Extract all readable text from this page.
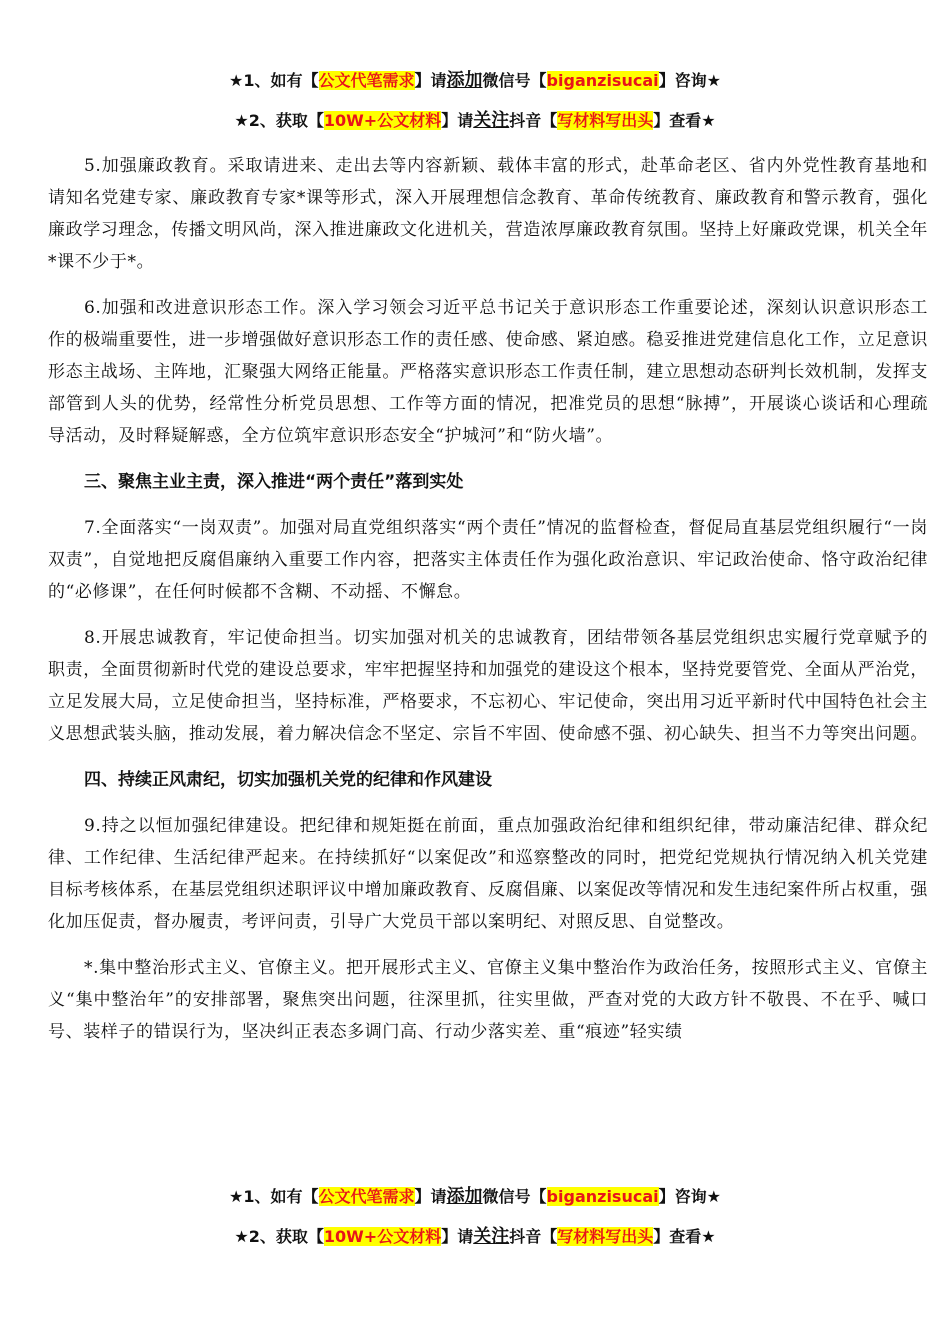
★1、如有【公文代笔需求】请添加微信号【biganzisucai】咨询★
★2、获取【10W+公文材料】请关注抖音【写材料写出头】查看★

5.加强廉政教育。采取请进来、走出去等内容新颖、载体丰富的形式，赴革命老区、省内外党性教育基地和请知名党建专家、廉政教育专家*课等形式，深入开展理想信念教育、革命传统教育、廉政教育和警示教育，强化廉政学习理念，传播文明风尚，深入推进廉政文化进机关，营造浓厚廉政教育氛围。坚持上好廉政党课，机关全年*课不少于*。

6.加强和改进意识形态工作。深入学习领会习近平总书记关于意识形态工作重要论述，深刻认识意识形态工作的极端重要性，进一步增强做好意识形态工作的责任感、使命感、紧迫感。稳妥推进党建信息化工作，立足意识形态主战场、主阵地，汇聚强大网络正能量。严格落实意识形态工作责任制，建立思想动态研判长效机制，发挥支部管到人头的优势，经常性分析党员思想、工作等方面的情况，把准党员的思想“脉搏”，开展谈心谈话和心理疏导活动，及时释疑解惑，全方位筑牢意识形态安全“护城河”和“防火墙”。

三、聚焦主业主责，深入推进“两个责任”落到实处

7.全面落实“一岗双责”。加强对局直党组织落实“两个责任”情况的监督检查，督促局直基层党组织履行“一岗双责”，自觉地把反腐倡廉纳入重要工作内容，把落实主体责任作为强化政治意识、牢记政治使命、恪守政治纪律的“必修课”，在任何时候都不含糊、不动摇、不懈怠。

8.开展忠诚教育，牢记使命担当。切实加强对机关的忠诚教育，团结带领各基层党组织忠实履行党章赋予的职责，全面贯彻新时代党的建设总要求，牢牢把握坚持和加强党的建设这个根本，坚持党要管党、全面从严治党，立足发展大局，立足使命担当，坚持标准，严格要求，不忘初心、牢记使命，突出用习近平新时代中国特色社会主义思想武装头脑，推动发展，着力解决信念不坚定、宗旨不牢固、使命感不强、初心缺失、担当不力等突出问题。

四、持续正风肃纪，切实加强机关党的纪律和作风建设

9.持之以恒加强纪律建设。把纪律和规矩挺在前面，重点加强政治纪律和组织纪律，带动廉洁纪律、群众纪律、工作纪律、生活纪律严起来。在持续抓好“以案促改”和巡察整改的同时，把党纪党规执行情况纳入机关党建目标考核体系，在基层党组织述职评议中增加廉政教育、反腐倡廉、以案促改等情况和发生违纪案件所占权重，强化加压促责，督办履责，考评问责，引导广大党员干部以案明纪、对照反思、自觉整改。

*.集中整治形式主义、官僚主义。把开展形式主义、官僚主义集中整治作为政治任务，按照形式主义、官僚主义“集中整治年”的安排部署，聚焦突出问题，往深里抓，往实里做，严查对党的大政方针不敬畏、不在乎、喊口号、装样子的错误行为，坚决纠正表态多调门高、行动少落实差、重“痕迹”轻实绩

★1、如有【公文代笔需求】请添加微信号【biganzisucai】咨询★
★2、获取【10W+公文材料】请关注抖音【写材料写出头】查看★
